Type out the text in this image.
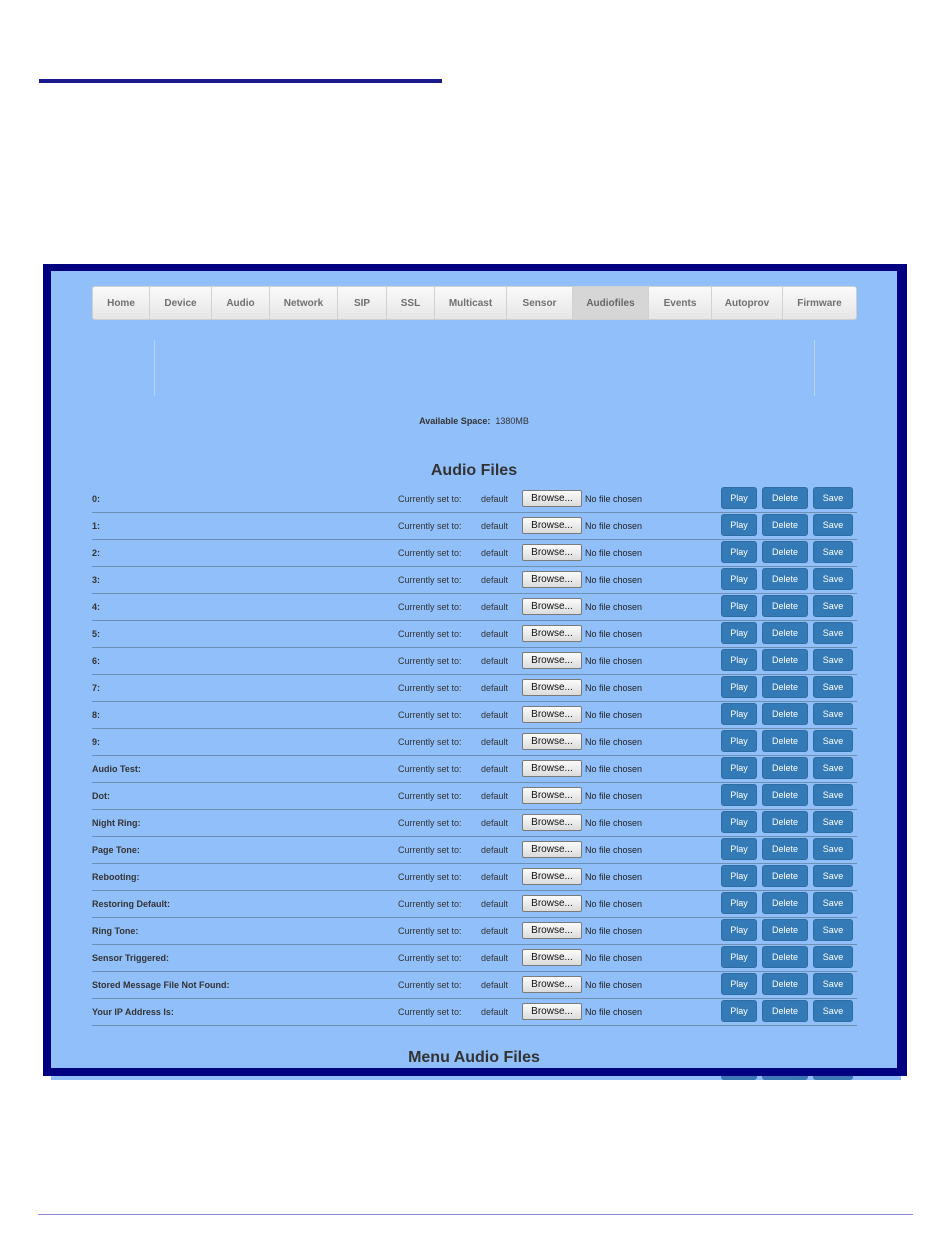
Home	Device	Audio	Network	SIP	SSL	Multicast	Sensor	Audiofiles	Events	Autoprov	Firmware
Available Space: 1380MB
Audio Files
0:	Currently set to: default	Browse...	No file chosen	Play	Delete	Save
1:	Currently set to: default	Browse...	No file chosen	Play	Delete	Save
2:	Currently set to: default	Browse...	No file chosen	Play	Delete	Save
3:	Currently set to: default	Browse...	No file chosen	Play	Delete	Save
4:	Currently set to: default	Browse...	No file chosen	Play	Delete	Save
5:	Currently set to: default	Browse...	No file chosen	Play	Delete	Save
6:	Currently set to: default	Browse...	No file chosen	Play	Delete	Save
7:	Currently set to: default	Browse...	No file chosen	Play	Delete	Save
8:	Currently set to: default	Browse...	No file chosen	Play	Delete	Save
9:	Currently set to: default	Browse...	No file chosen	Play	Delete	Save
Audio Test:	Currently set to: default	Browse...	No file chosen	Play	Delete	Save
Dot:	Currently set to: default	Browse...	No file chosen	Play	Delete	Save
Night Ring:	Currently set to: default	Browse...	No file chosen	Play	Delete	Save
Page Tone:	Currently set to: default	Browse...	No file chosen	Play	Delete	Save
Rebooting:	Currently set to: default	Browse...	No file chosen	Play	Delete	Save
Restoring Default:	Currently set to: default	Browse...	No file chosen	Play	Delete	Save
Ring Tone:	Currently set to: default	Browse...	No file chosen	Play	Delete	Save
Sensor Triggered:	Currently set to: default	Browse...	No file chosen	Play	Delete	Save
Stored Message File Not Found:	Currently set to: default	Browse...	No file chosen	Play	Delete	Save
Your IP Address Is:	Currently set to: default	Browse...	No file chosen	Play	Delete	Save
Menu Audio Files
